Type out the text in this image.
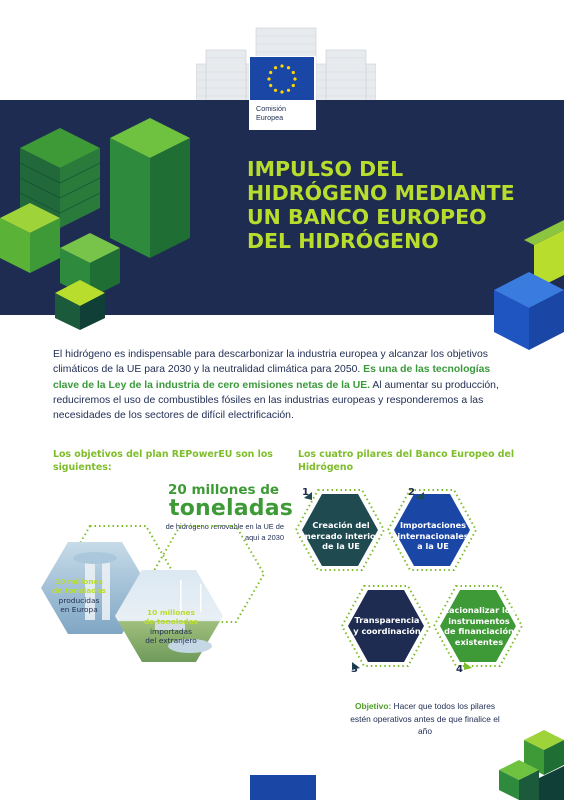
Comisión
Europea
IMPULSO DEL
HIDRÓGENO MEDIANTE
UN BANCO EUROPEO
DEL HIDRÓGENO
Marzo de 2023

El hidrógeno es indispensable para descarbonizar la industria europea y alcanzar los objetivos climáticos de la UE para 2030 y la neutralidad climática para 2050. Es una de las tecnologías clave de la Ley de la industria de cero emisiones netas de la UE. Al aumentar su producción, reduciremos el uso de combustibles fósiles en las industrias europeas y responderemos a las necesidades de los sectores de difícil electrificación.

Los objetivos del plan REPowerEU son los siguientes:
20 millones de
toneladas
de hidrógeno renovable en la UE de aquí a 2030
10 millones
de toneladas
producidas
en Europa	10 millones
de toneladas
importadas
del extranjero
Los cuatro pilares del Banco Europeo del Hidrógeno
1	2
3	4
Creación del
mercado interior
de la UE
Importaciones
internacionales
a la UE
Transparencia
y coordinación
Racionalizar los
instrumentos
de financiación
existentes

Objetivo: Hacer que todos los pilares estén operativos antes de que finalice el año
